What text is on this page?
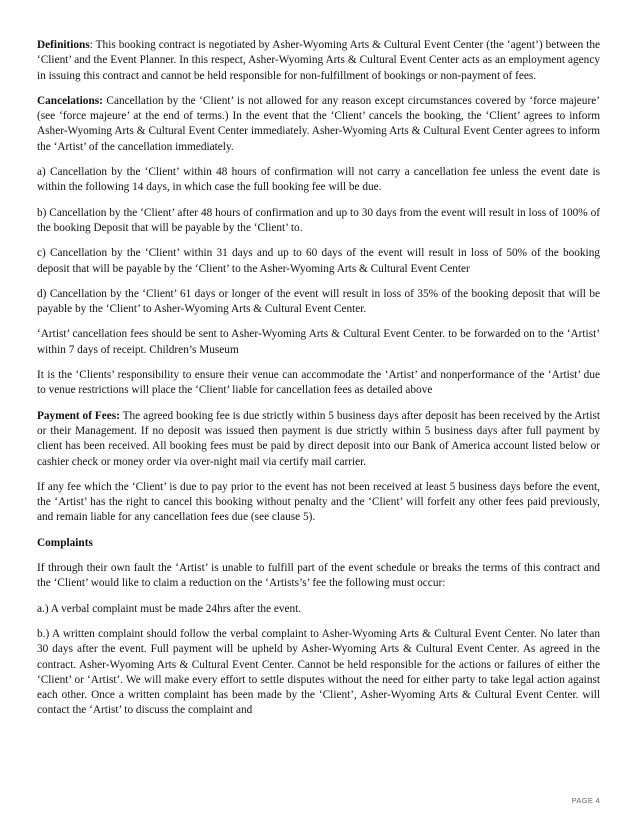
Definitions: This booking contract is negotiated by Asher-Wyoming Arts & Cultural Event Center (the ‘agent’) between the ‘Client’ and the Event Planner. In this respect, Asher-Wyoming Arts & Cultural Event Center acts as an employment agency in issuing this contract and cannot be held responsible for non-fulfillment of bookings or non-payment of fees.

Cancelations: Cancellation by the ‘Client’ is not allowed for any reason except circumstances covered by ‘force majeure’ (see ‘force majeure’ at the end of terms.) In the event that the ‘Client’ cancels the booking, the ‘Client’ agrees to inform Asher-Wyoming Arts & Cultural Event Center immediately. Asher-Wyoming Arts & Cultural Event Center agrees to inform the ‘Artist’ of the cancellation immediately.

a) Cancellation by the ‘Client’ within 48 hours of confirmation will not carry a cancellation fee unless the event date is within the following 14 days, in which case the full booking fee will be due.

b) Cancellation by the ‘Client’ after 48 hours of confirmation and up to 30 days from the event will result in loss of 100% of the booking Deposit that will be payable by the ‘Client’ to.

c) Cancellation by the ‘Client’ within 31 days and up to 60 days of the event will result in loss of 50% of the booking deposit that will be payable by the ‘Client’ to the Asher-Wyoming Arts & Cultural Event Center

d) Cancellation by the ‘Client’ 61 days or longer of the event will result in loss of 35% of the booking deposit that will be payable by the ‘Client’ to Asher-Wyoming Arts & Cultural Event Center.

‘Artist’ cancellation fees should be sent to Asher-Wyoming Arts & Cultural Event Center. to be forwarded on to the ‘Artist’ within 7 days of receipt. Children’s Museum

It is the ‘Clients’ responsibility to ensure their venue can accommodate the ‘Artist’ and nonperformance of the ‘Artist’ due to venue restrictions will place the ‘Client’ liable for cancellation fees as detailed above

Payment of Fees: The agreed booking fee is due strictly within 5 business days after deposit has been received by the Artist or their Management. If no deposit was issued then payment is due strictly within 5 business days after full payment by client has been received. All booking fees must be paid by direct deposit into our Bank of America account listed below or cashier check or money order via over-night mail via certify mail carrier.

If any fee which the ‘Client’ is due to pay prior to the event has not been received at least 5 business days before the event, the ‘Artist’ has the right to cancel this booking without penalty and the ‘Client’ will forfeit any other fees paid previously, and remain liable for any cancellation fees due (see clause 5).

Complaints

If through their own fault the ‘Artist’ is unable to fulfill part of the event schedule or breaks the terms of this contract and the ‘Client’ would like to claim a reduction on the ‘Artists’s’ fee the following must occur:

a.) A verbal complaint must be made 24hrs after the event.

b.) A written complaint should follow the verbal complaint to Asher-Wyoming Arts & Cultural Event Center. No later than 30 days after the event. Full payment will be upheld by Asher-Wyoming Arts & Cultural Event Center. As agreed in the contract. Asher-Wyoming Arts & Cultural Event Center. Cannot be held responsible for the actions or failures of either the ‘Client’ or ‘Artist’. We will make every effort to settle disputes without the need for either party to take legal action against each other. Once a written complaint has been made by the ‘Client’, Asher-Wyoming Arts & Cultural Event Center. will contact the ‘Artist’ to discuss the complaint and

PAGE 4
